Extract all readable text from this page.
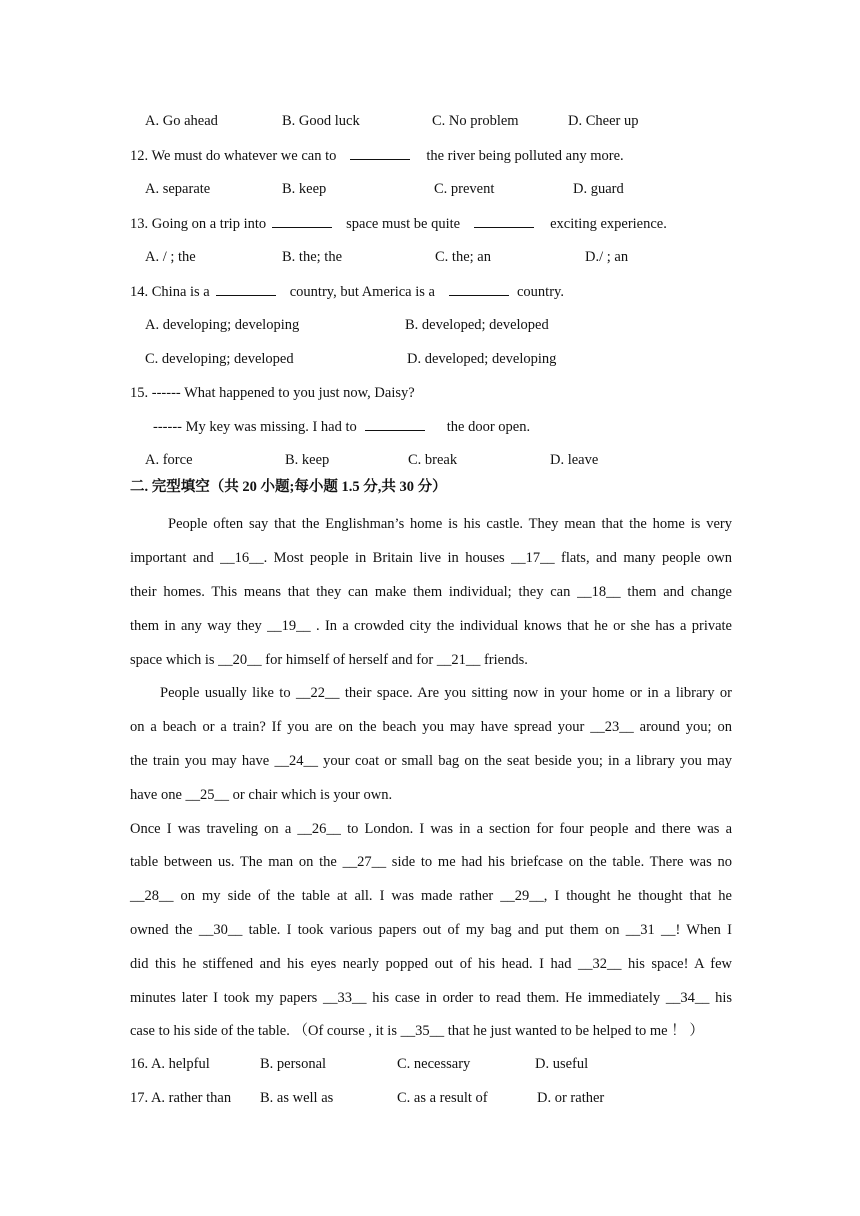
A. Go ahead	B. Good luck	C. No problem	D. Cheer up
12. We must do whatever we can to	the river being polluted any more.
A. separate	B. keep	C. prevent	D. guard
13. Going on a trip into	space must be quite	exciting experience.
A. / ; the	B. the; the	C. the; an	D./ ; an
14. China is a	country, but America is a	country.
A. developing; developing	B. developed; developed
C. developing; developed	D. developed; developing
15. ------ What happened to you just now, Daisy?
------ My key was missing. I had to	the door open.
A. force	B. keep	C. break	D. leave
二. 完型填空（共 20 小题;每小题 1.5 分,共 30 分）
People often say that the Englishman’s home is his castle. They mean that the home is very
important and __16__. Most people in Britain live in houses __17__ flats, and many people own
their homes. This means that they can make them individual; they can __18__ them and change
them in any way they __19__ . In a crowded city the individual knows that he or she has a private
space which is __20__ for himself of herself and for __21__ friends.
People usually like to __22__ their space. Are you sitting now in your home or in a library or
on a beach or a train? If you are on the beach you may have spread your __23__ around you; on
the train you may have __24__ your coat or small bag on the seat beside you; in a library you may
have one __25__ or chair which is your own.
Once I was traveling on a __26__ to London. I was in a section for four people and there was a
table between us. The man on the __27__ side to me had his briefcase on the table. There was no
__28__ on my side of the table at all. I was made rather __29__, I thought he thought that he
owned the __30__ table. I took various papers out of my bag and put them on __31 __! When I
did this he stiffened and his eyes nearly popped out of his head. I had __32__ his space! A few
minutes later I took my papers __33__ his case in order to read them. He immediately __34__ his
case to his side of the table. （Of course , it is __35__ that he just wanted to be helped to me ！ ）
16. A. helpful	B. personal	C. necessary	D. useful
17. A. rather than B. as well as	C. as a result of	D. or rather
